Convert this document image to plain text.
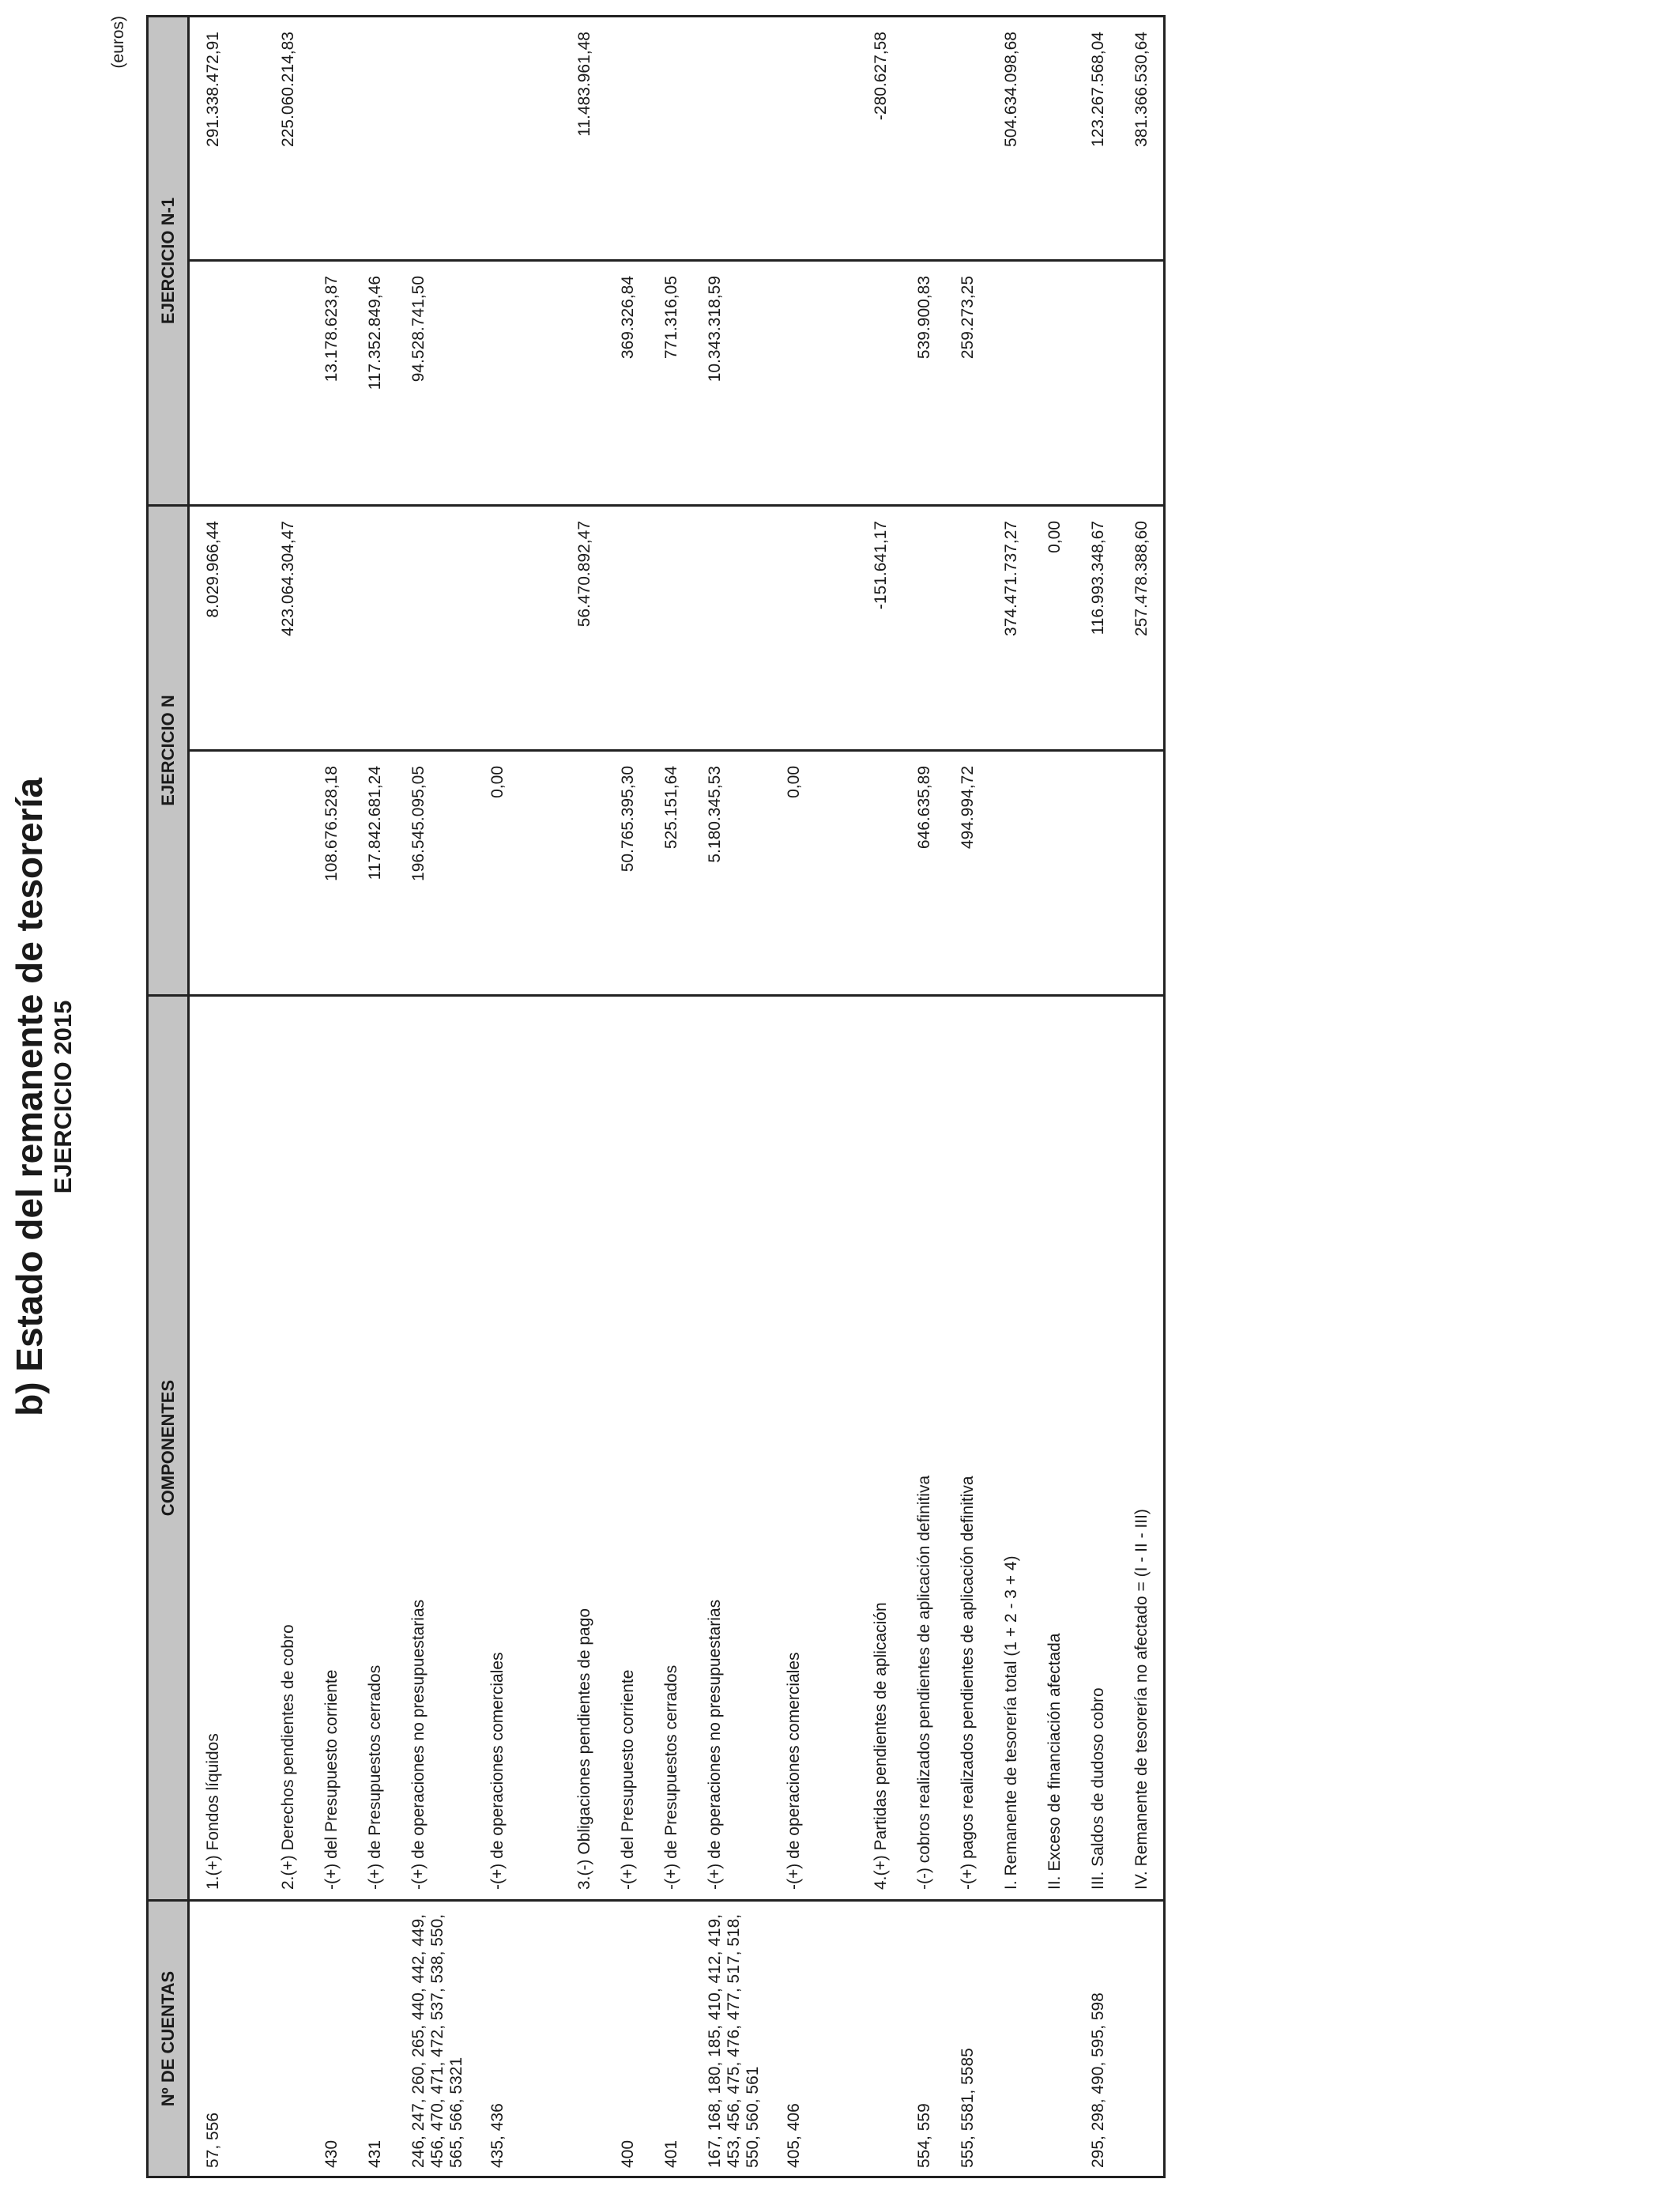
b) Estado del remanente de tesorería EJERCICIO 2015
(euros)
Nº DE CUENTAS	COMPONENTES	EJERCICIO N		EJERCICIO N-1	
57, 556	1.(+) Fondos líquidos		8.029.966,44		291.338.472,91
	2.(+) Derechos pendientes de cobro		423.064.304,47		225.060.214,83
430	-(+) del Presupuesto corriente	108.676.528,18		13.178.623,87	
431	-(+) de Presupuestos cerrados	117.842.681,24		117.352.849,46	
246, 247, 260, 265, 440, 442, 449, 456, 470, 471, 472, 537, 538, 550, 565, 566, 5321	-(+) de operaciones no presupuestarias	196.545.095,05		94.528.741,50	
435, 436	-(+) de operaciones comerciales	0,00			
	3.(-) Obligaciones pendientes de pago		56.470.892,47		11.483.961,48
400	-(+) del Presupuesto corriente	50.765.395,30		369.326,84	
401	-(+) de Presupuestos cerrados	525.151,64		771.316,05	
167, 168, 180, 185, 410, 412, 419, 453, 456, 475, 476, 477, 517, 518, 550, 560, 561	-(+) de operaciones no presupuestarias	5.180.345,53		10.343.318,59	
405, 406	-(+) de operaciones comerciales	0,00			
	4.(+) Partidas pendientes de aplicación		-151.641,17		-280.627,58
554, 559	-(-) cobros realizados pendientes de aplicación definitiva	646.635,89		539.900,83	
555, 5581, 5585	-(+) pagos realizados pendientes de aplicación definitiva	494.994,72		259.273,25	
	I. Remanente de tesorería total (1 + 2 - 3 + 4)		374.471.737,27		504.634.098,68
	II. Exceso de financiación afectada		0,00		
295, 298, 490, 595, 598	III. Saldos de dudoso cobro		116.993.348,67		123.267.568,04
	IV. Remanente de tesorería no afectado = (I - II - III)		257.478.388,60		381.366.530,64
